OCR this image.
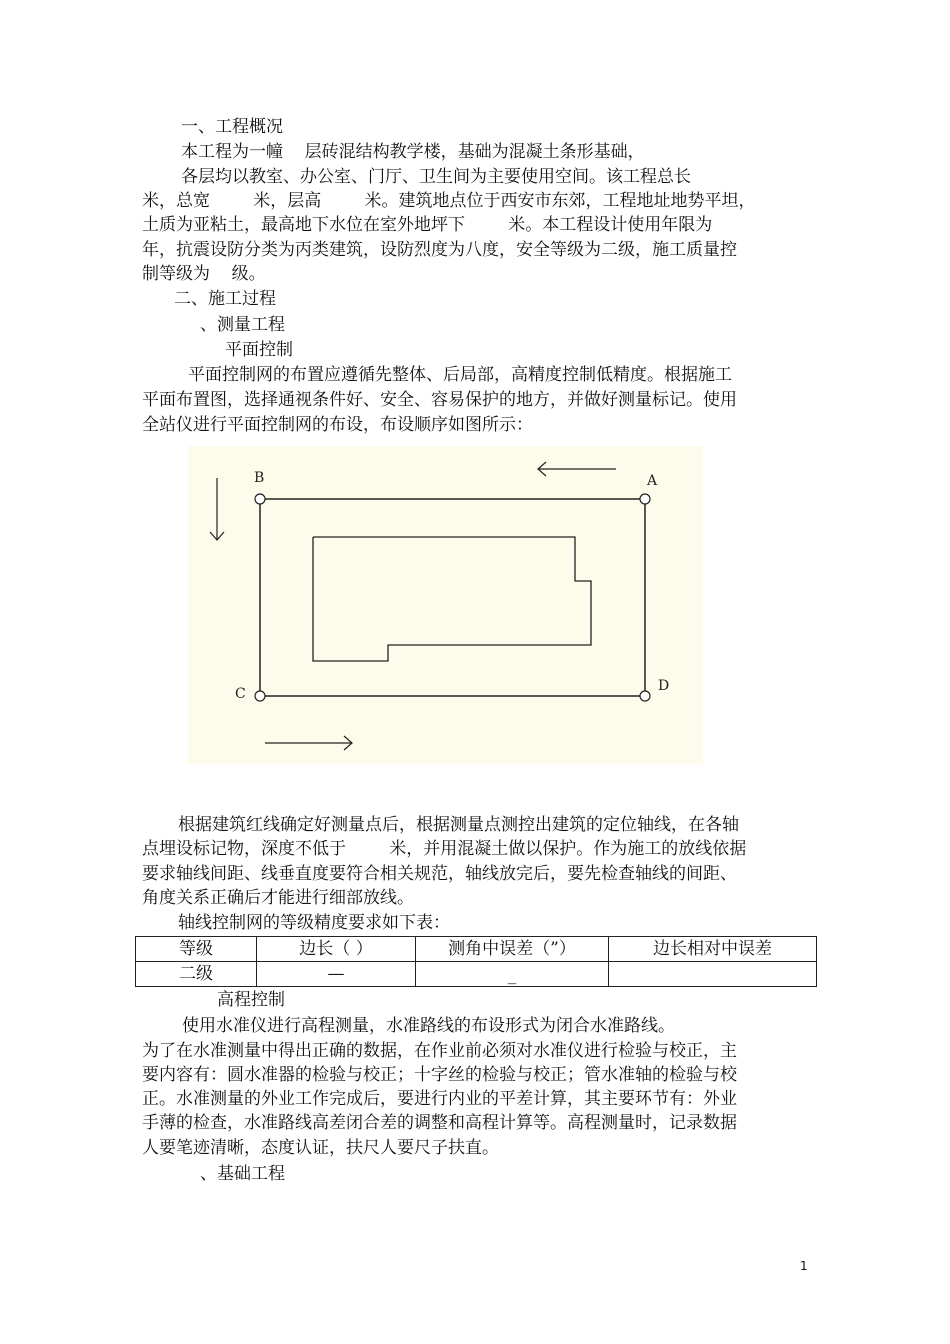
一、工程概况
本工程为一幢    层砖混结构教学楼，基础为混凝土条形基础，
各层均以教室、办公室、门厅、卫生间为主要使用空间。该工程总长
米，总宽        米，层高        米。建筑地点位于西安市东郊，工程地址地势平坦，
土质为亚粘土，最高地下水位在室外地坪下        米。本工程设计使用年限为
年，抗震设防分类为丙类建筑，设防烈度为八度，安全等级为二级，施工质量控
制等级为    级。
二、施工过程
、测量工程
平面控制
平面控制网的布置应遵循先整体、后局部，高精度控制低精度。根据施工
平面布置图，选择通视条件好、安全、容易保护的地方，并做好测量标记。使用
全站仪进行平面控制网的布设，布设顺序如图所示：
B	A
C	D
根据建筑红线确定好测量点后，根据测量点测控出建筑的定位轴线，在各轴
点埋设标记物，深度不低于        米，并用混凝土做以保护。作为施工的放线依据
要求轴线间距、线垂直度要符合相关规范，轴线放完后，要先检查轴线的间距、
角度关系正确后才能进行细部放线。
轴线控制网的等级精度要求如下表：
等级	边长（ ）	测角中误差（”）	边长相对中误差
二级	—	_	
高程控制
使用水准仪进行高程测量，水准路线的布设形式为闭合水准路线。
为了在水准测量中得出正确的数据，在作业前必须对水准仪进行检验与校正，主
要内容有：圆水准器的检验与校正；十字丝的检验与校正；管水准轴的检验与校
正。水准测量的外业工作完成后，要进行内业的平差计算，其主要环节有：外业
手薄的检查，水准路线高差闭合差的调整和高程计算等。高程测量时，记录数据
人要笔迹清晰，态度认证，扶尺人要尺子扶直。
、基础工程
1
